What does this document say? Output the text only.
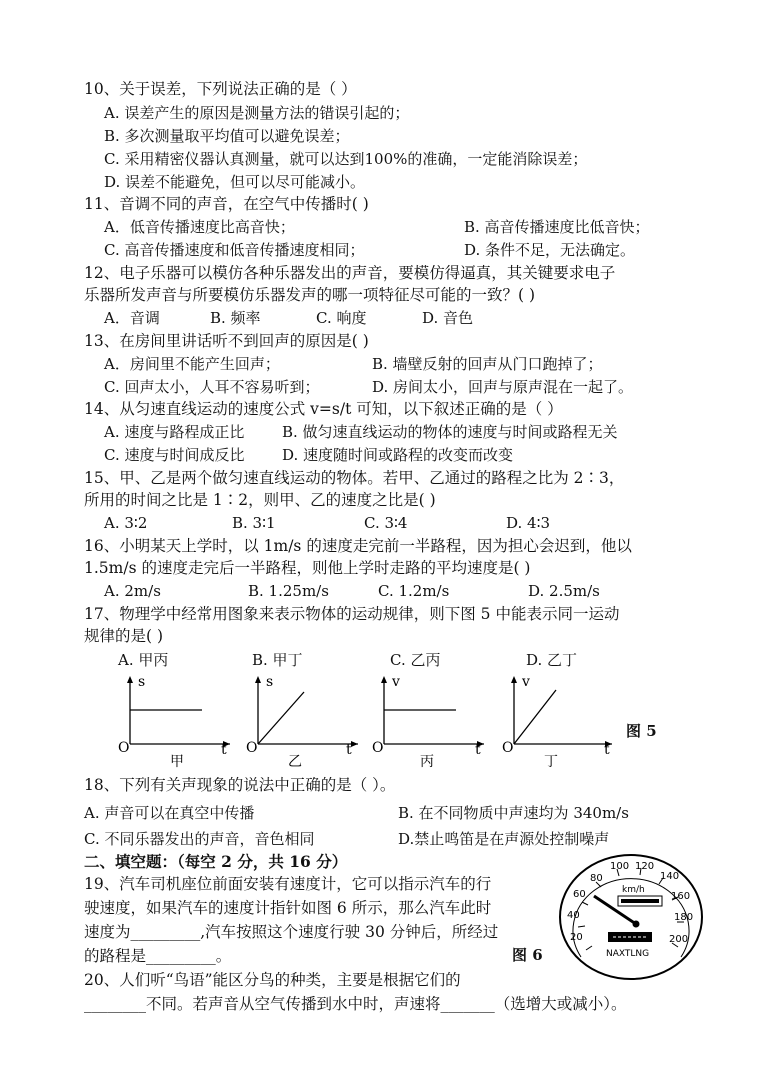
10、关于误差，下列说法正确的是（ ）
A. 误差产生的原因是测量方法的错误引起的；
B. 多次测量取平均值可以避免误差；
C. 采用精密仪器认真测量，就可以达到100%的准确，一定能消除误差；
D. 误差不能避免，但可以尽可能减小。
11、音调不同的声音，在空气中传播时( )
A．低音传播速度比高音快；	B. 高音传播速度比低音快；
C. 高音传播速度和低音传播速度相同；	D. 条件不足，无法确定。
12、电子乐器可以模仿各种乐器发出的声音，要模仿得逼真，其关键要求电子
乐器所发声音与所要模仿乐器发声的哪一项特征尽可能的一致？( )
A．音调	B. 频率	C. 响度	D. 音色
13、在房间里讲话听不到回声的原因是( )
A．房间里不能产生回声；	B. 墙壁反射的回声从门口跑掉了；
C. 回声太小，人耳不容易听到；	D. 房间太小，回声与原声混在一起了。
14、从匀速直线运动的速度公式 v=s/t 可知，以下叙述正确的是（ ）
A. 速度与路程成正比	B. 做匀速直线运动的物体的速度与时间或路程无关
C. 速度与时间成反比	D. 速度随时间或路程的改变而改变
15、甲、乙是两个做匀速直线运动的物体。若甲、乙通过的路程之比为 2∶3，
所用的时间之比是 1∶2，则甲、乙的速度之比是( )
A. 3∶2	B. 3∶1	C. 3∶4	D. 4∶3
16、小明某天上学时，以 1m/s 的速度走完前一半路程，因为担心会迟到，他以
1.5m/s 的速度走完后一半路程，则他上学时走路的平均速度是( )
A. 2m/s	B. 1.25m/s	C. 1.2m/s	D. 2.5m/s
17、物理学中经常用图象来表示物体的运动规律，则下图 5 中能表示同一运动
规律的是( )
A. 甲丙	B. 甲丁	C. 乙丙	D. 乙丁
s
t
O
甲
s
t
O
乙
v
t
O
丙
v
t
O
丁
图 5
18、下列有关声现象的说法中正确的是（ ）。
A. 声音可以在真空中传播	B. 在不同物质中声速均为 340m/s
C. 不同乐器发出的声音，音色相同	D.禁止鸣笛是在声源处控制噪声
二、填空题：（每空 2 分，共 16 分）
19、汽车司机座位前面安装有速度计，它可以指示汽车的行
驶速度，如果汽车的速度计指针如图 6 所示，那么汽车此时
速度为_________,汽车按照这个速度行驶 30 分钟后，所经过
的路程是_________。	图 6
20
40
60
80
100 120
140
160
180
200
km/h
NAXTLNG
20、人们听“鸟语”能区分鸟的种类，主要是根据它们的
________不同。若声音从空气传播到水中时，声速将_______（选增大或减小）。
